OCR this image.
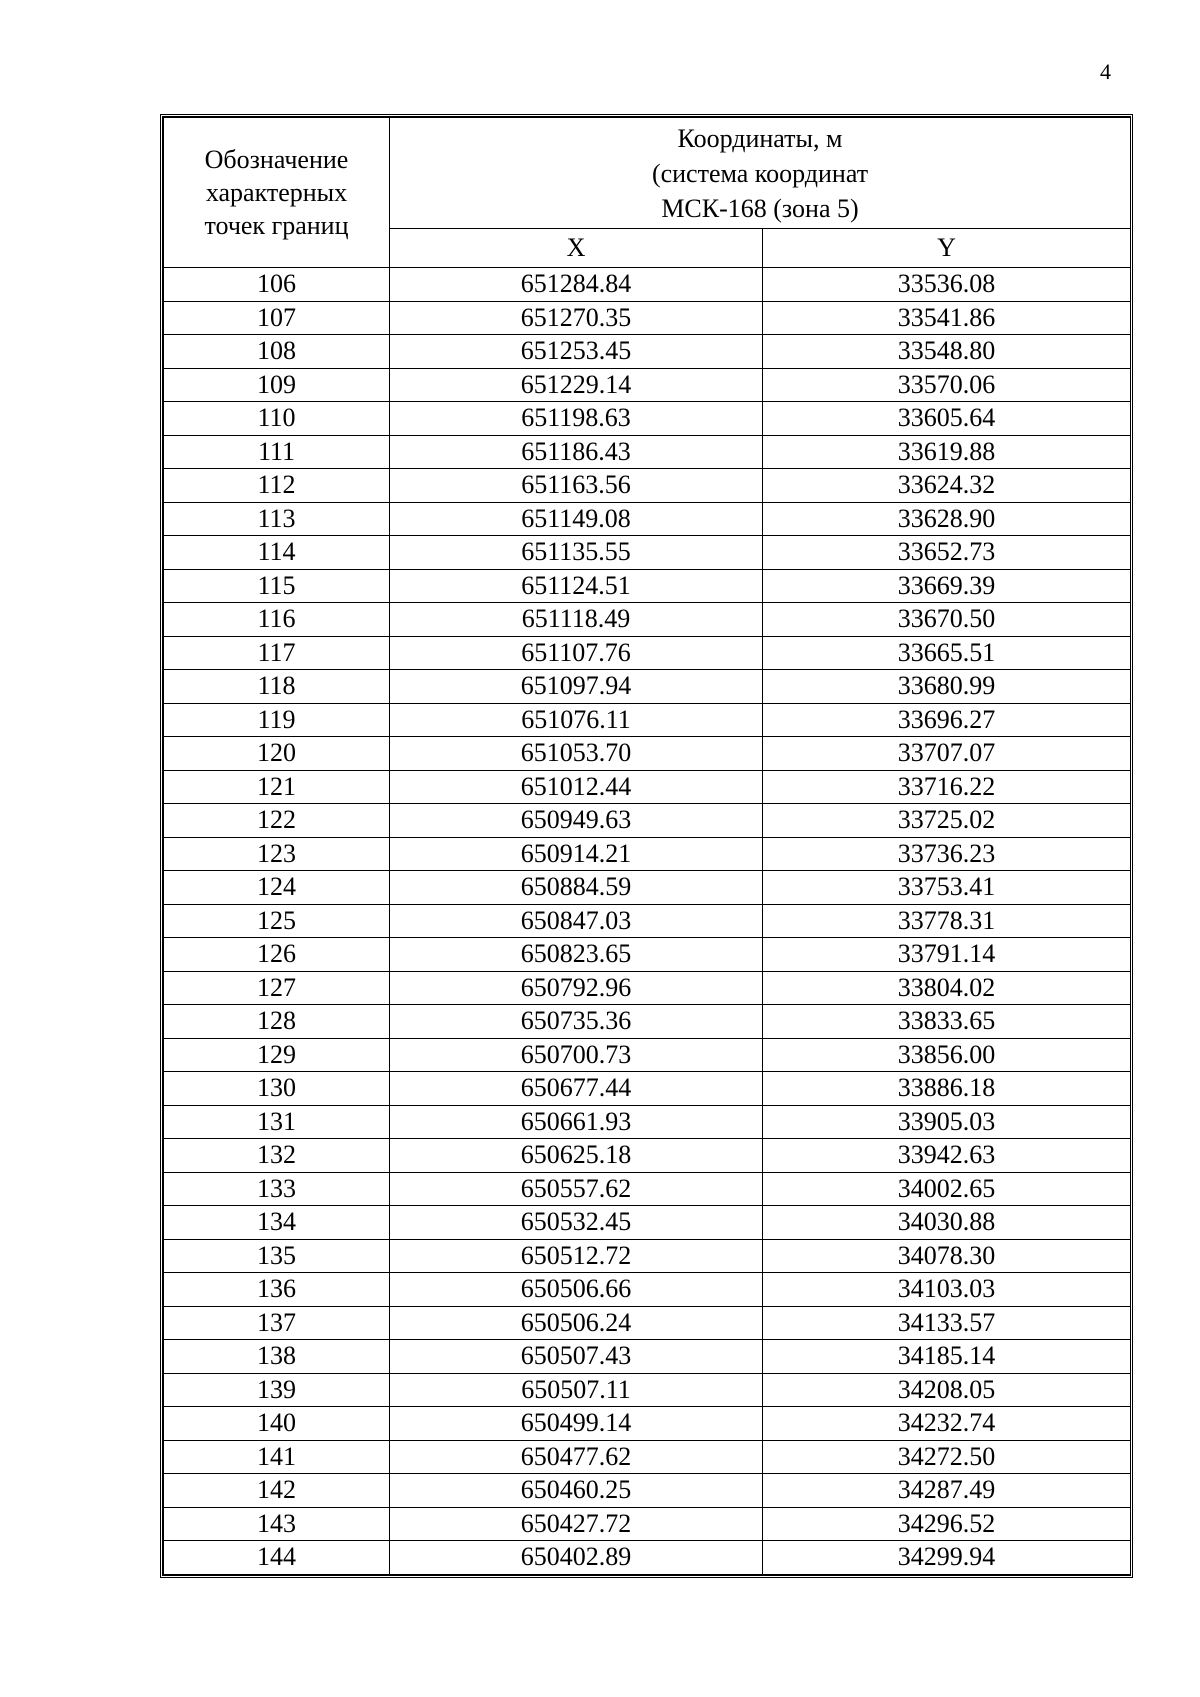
4
Обозначение
характерных
точек границ	Координаты, м
(система координат
МСК-168 (зона 5)	

	X	Y
106	651284.84	33536.08
107	651270.35	33541.86
108	651253.45	33548.80
109	651229.14	33570.06
110	651198.63	33605.64
111	651186.43	33619.88
112	651163.56	33624.32
113	651149.08	33628.90
114	651135.55	33652.73
115	651124.51	33669.39
116	651118.49	33670.50
117	651107.76	33665.51
118	651097.94	33680.99
119	651076.11	33696.27
120	651053.70	33707.07
121	651012.44	33716.22
122	650949.63	33725.02
123	650914.21	33736.23
124	650884.59	33753.41
125	650847.03	33778.31
126	650823.65	33791.14
127	650792.96	33804.02
128	650735.36	33833.65
129	650700.73	33856.00
130	650677.44	33886.18
131	650661.93	33905.03
132	650625.18	33942.63
133	650557.62	34002.65
134	650532.45	34030.88
135	650512.72	34078.30
136	650506.66	34103.03
137	650506.24	34133.57
138	650507.43	34185.14
139	650507.11	34208.05
140	650499.14	34232.74
141	650477.62	34272.50
142	650460.25	34287.49
143	650427.72	34296.52
144	650402.89	34299.94
